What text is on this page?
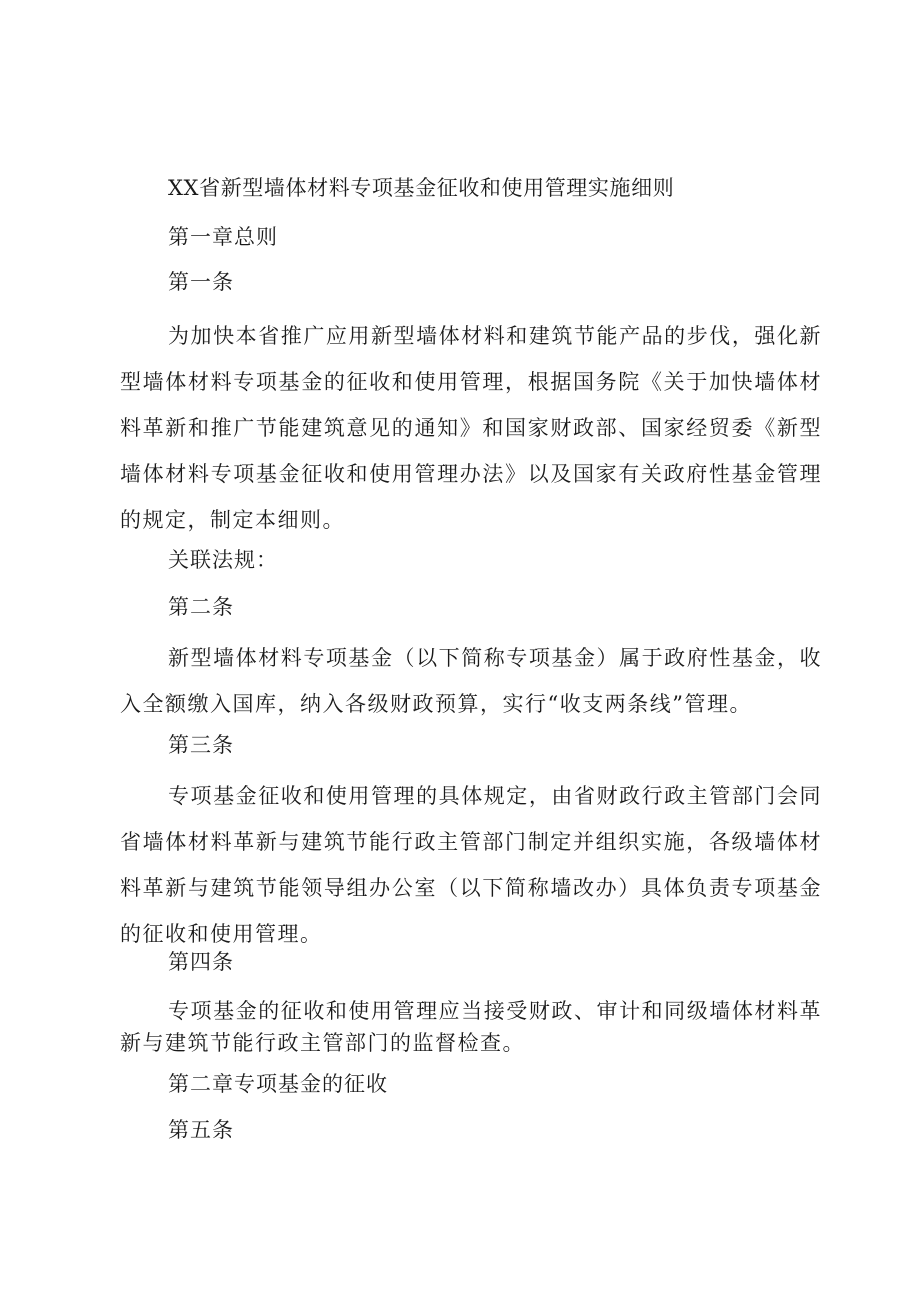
XX省新型墙体材料专项基金征收和使用管理实施细则
第一章总则
第一条
为加快本省推广应用新型墙体材料和建筑节能产品的步伐，强化新型墙体材料专项基金的征收和使用管理，根据国务院《关于加快墙体材料革新和推广节能建筑意见的通知》和国家财政部、国家经贸委《新型墙体材料专项基金征收和使用管理办法》以及国家有关政府性基金管理的规定，制定本细则。
关联法规：
第二条
新型墙体材料专项基金（以下简称专项基金）属于政府性基金，收入全额缴入国库，纳入各级财政预算，实行“收支两条线”管理。
第三条
专项基金征收和使用管理的具体规定，由省财政行政主管部门会同省墙体材料革新与建筑节能行政主管部门制定并组织实施，各级墙体材料革新与建筑节能领导组办公室（以下简称墙改办）具体负责专项基金的征收和使用管理。
第四条
专项基金的征收和使用管理应当接受财政、审计和同级墙体材料革新与建筑节能行政主管部门的监督检查。
第二章专项基金的征收
第五条
